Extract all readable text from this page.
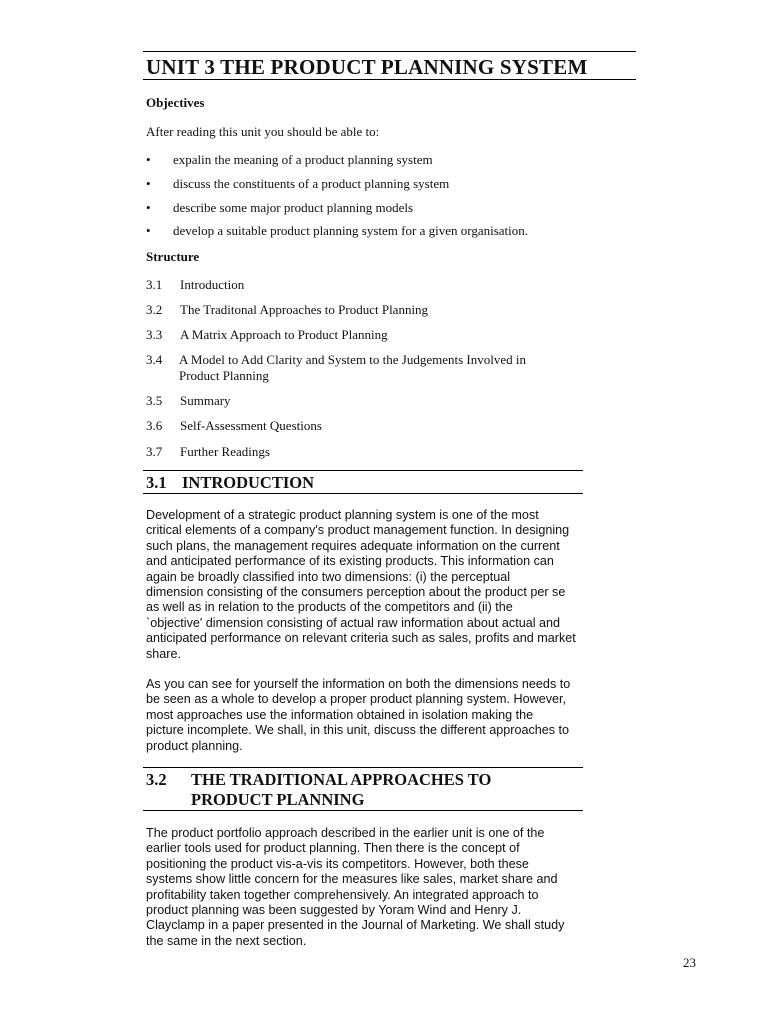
UNIT 3 THE PRODUCT PLANNING SYSTEM
Objectives
After reading this unit you should be able to:
• expalin the meaning of a product planning system
• discuss the constituents of a product planning system
• describe some major product planning models
• develop a suitable product planning system for a given organisation.
Structure
3.1 Introduction
3.2 The Traditonal Approaches to Product Planning
3.3 A Matrix Approach to Product Planning
3.4 A Model to Add Clarity and System to the Judgements Involved in
Product Planning
3.5 Summary
3.6 Self-Assessment Questions
3.7 Further Readings
3.1 INTRODUCTION
Development of a strategic product planning system is one of the most
critical elements of a company's product management function. In designing
such plans, the management requires adequate information on the current
and anticipated performance of its existing products. This information can
again be broadly classified into two dimensions: (i) the perceptual
dimension consisting of the consumers perception about the product per se
as well as in relation to the products of the competitors and (ii) the
`objective' dimension consisting of actual raw information about actual and
anticipated performance on relevant criteria such as sales, profits and market
share.
As you can see for yourself the information on both the dimensions needs to
be seen as a whole to develop a proper product planning system. However,
most approaches use the information obtained in isolation making the
picture incomplete. We shall, in this unit, discuss the different approaches to
product planning.
3.2 THE TRADITIONAL APPROACHES TO
PRODUCT PLANNING
The product portfolio approach described in the earlier unit is one of the
earlier tools used for product planning. Then there is the concept of
positioning the product vis-a-vis its competitors. However, both these
systems show little concern for the measures like sales, market share and
profitability taken together comprehensively. An integrated approach to
product planning was been suggested by Yoram Wind and Henry J.
Clayclamp in a paper presented in the Journal of Marketing. We shall study
the same in the next section.
23
